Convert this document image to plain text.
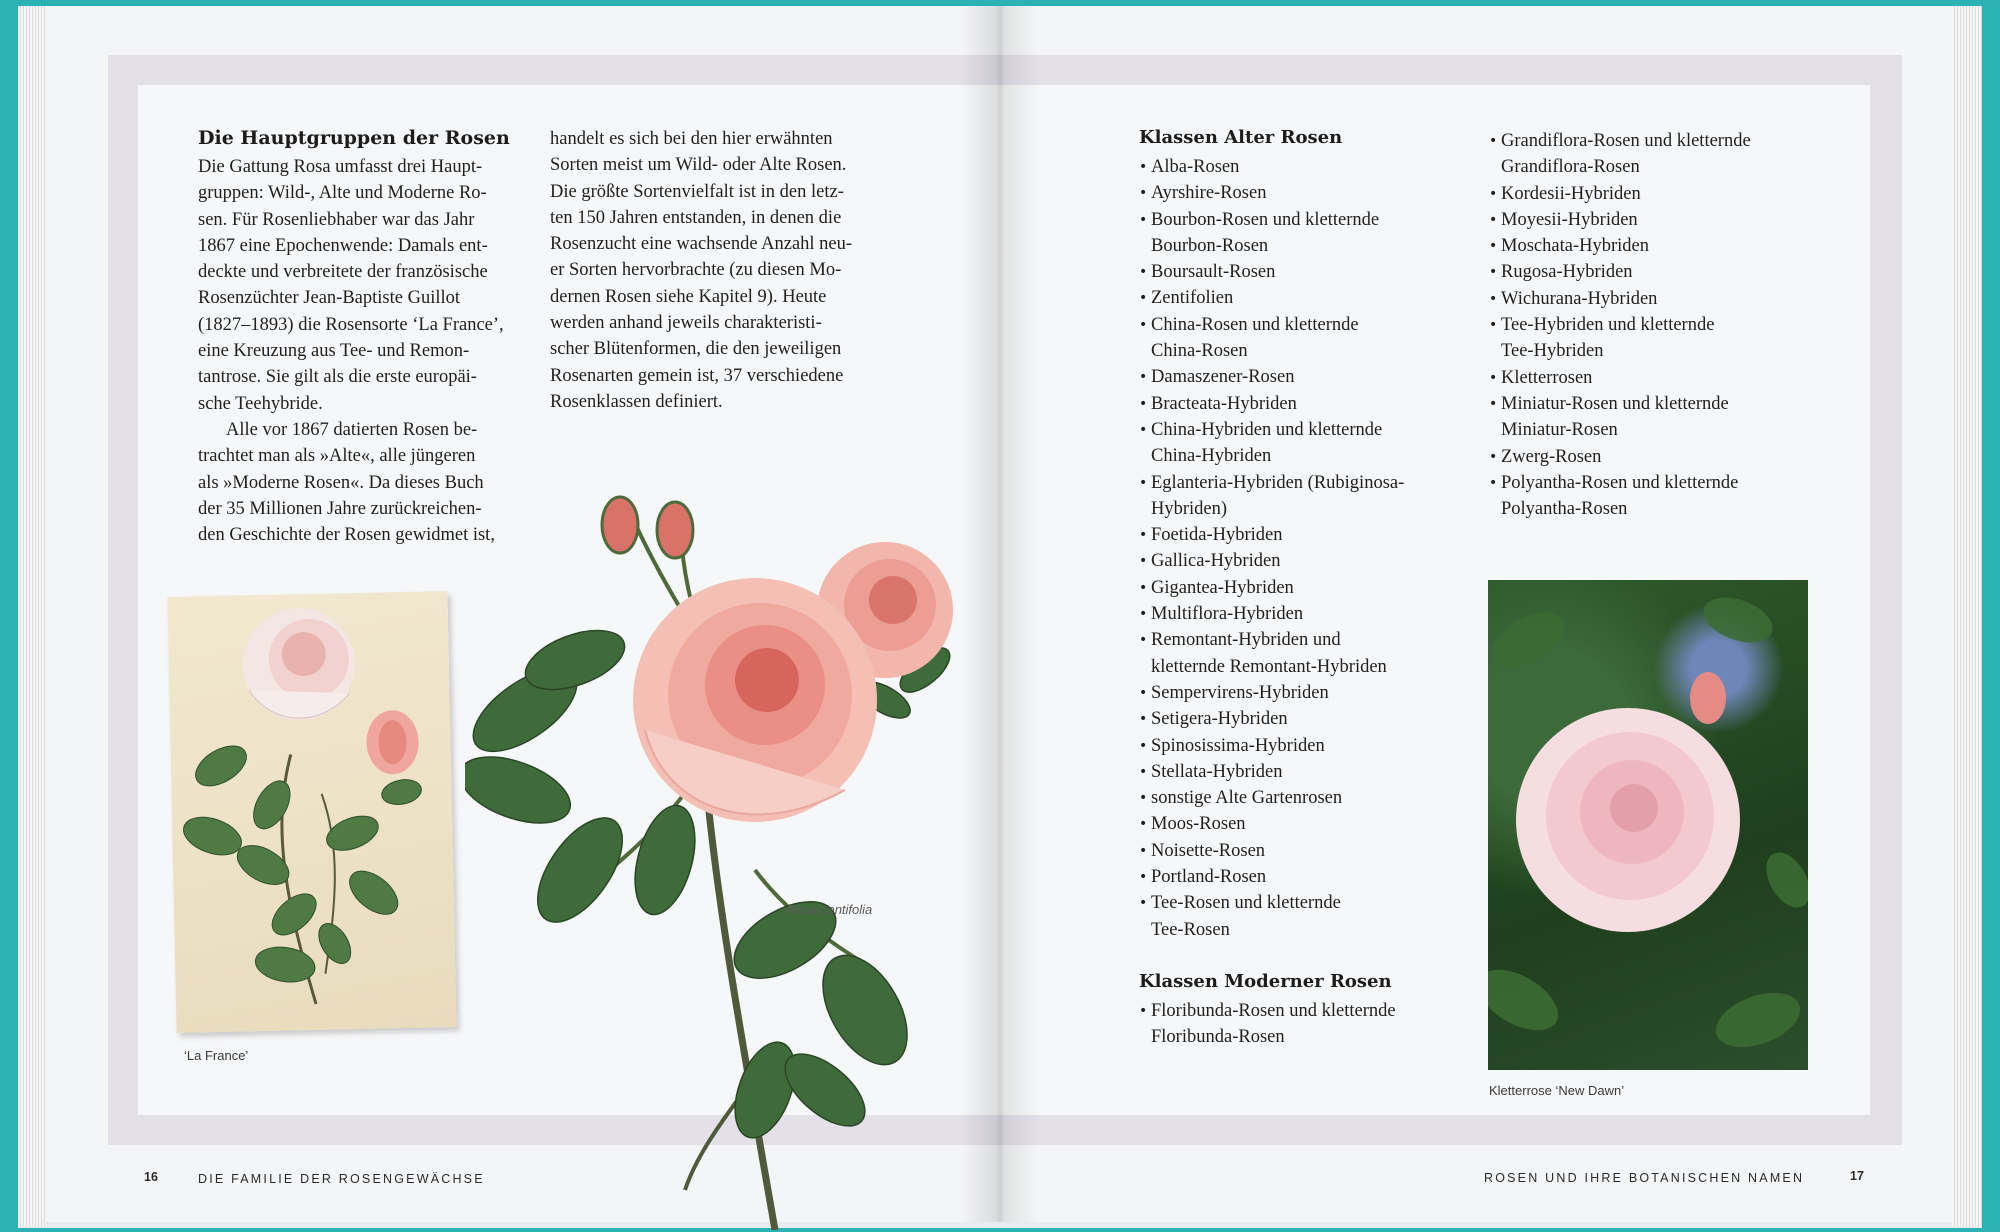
Die Hauptgruppen der Rosen
Die Gattung Rosa umfasst drei Haupt-
gruppen: Wild-, Alte und Moderne Ro-
sen. Für Rosenliebhaber war das Jahr
1867 eine Epochenwende: Damals ent-
deckte und verbreitete der französische
Rosenzüchter Jean-Baptiste Guillot
(1827–1893) die Rosensorte ‘La France’,
eine Kreuzung aus Tee- und Remon-
tantrose. Sie gilt als die erste europäi-
sche Teehybride.
Alle vor 1867 datierten Rosen be-
trachtet man als »Alte«, alle jüngeren
als »Moderne Rosen«. Da dieses Buch
der 35 Millionen Jahre zurückreichen-
den Geschichte der Rosen gewidmet ist,
handelt es sich bei den hier erwähnten
Sorten meist um Wild- oder Alte Rosen.
Die größte Sortenvielfalt ist in den letz-
ten 150 Jahren entstanden, in denen die
Rosenzucht eine wachsende Anzahl neu-
er Sorten hervorbrachte (zu diesen Mo-
dernen Rosen siehe Kapitel 9). Heute
werden anhand jeweils charakteristi-
scher Blütenformen, die den jeweiligen
Rosenarten gemein ist, 37 verschiedene
Rosenklassen definiert.
‘La France’
Rosa centifolia
16	DIE FAMILIE DER ROSENGEWÄCHSE
Klassen Alter Rosen
• Alba-Rosen
• Ayrshire-Rosen
• Bourbon-Rosen und kletternde
Bourbon-Rosen
• Boursault-Rosen
• Zentifolien
• China-Rosen und kletternde
China-Rosen
• Damaszener-Rosen
• Bracteata-Hybriden
• China-Hybriden und kletternde
China-Hybriden
• Eglanteria-Hybriden (Rubiginosa-
Hybriden)
• Foetida-Hybriden
• Gallica-Hybriden
• Gigantea-Hybriden
• Multiflora-Hybriden
• Remontant-Hybriden und
kletternde Remontant-Hybriden
• Sempervirens-Hybriden
• Setigera-Hybriden
• Spinosissima-Hybriden
• Stellata-Hybriden
• sonstige Alte Gartenrosen
• Moos-Rosen
• Noisette-Rosen
• Portland-Rosen
• Tee-Rosen und kletternde
Tee-Rosen
Klassen Moderner Rosen
• Floribunda-Rosen und kletternde
Floribunda-Rosen
• Grandiflora-Rosen und kletternde
Grandiflora-Rosen
• Kordesii-Hybriden
• Moyesii-Hybriden
• Moschata-Hybriden
• Rugosa-Hybriden
• Wichurana-Hybriden
• Tee-Hybriden und kletternde
Tee-Hybriden
• Kletterrosen
• Miniatur-Rosen und kletternde
Miniatur-Rosen
• Zwerg-Rosen
• Polyantha-Rosen und kletternde
Polyantha-Rosen
Kletterrose ‘New Dawn’
ROSEN UND IHRE BOTANISCHEN NAMEN	17
